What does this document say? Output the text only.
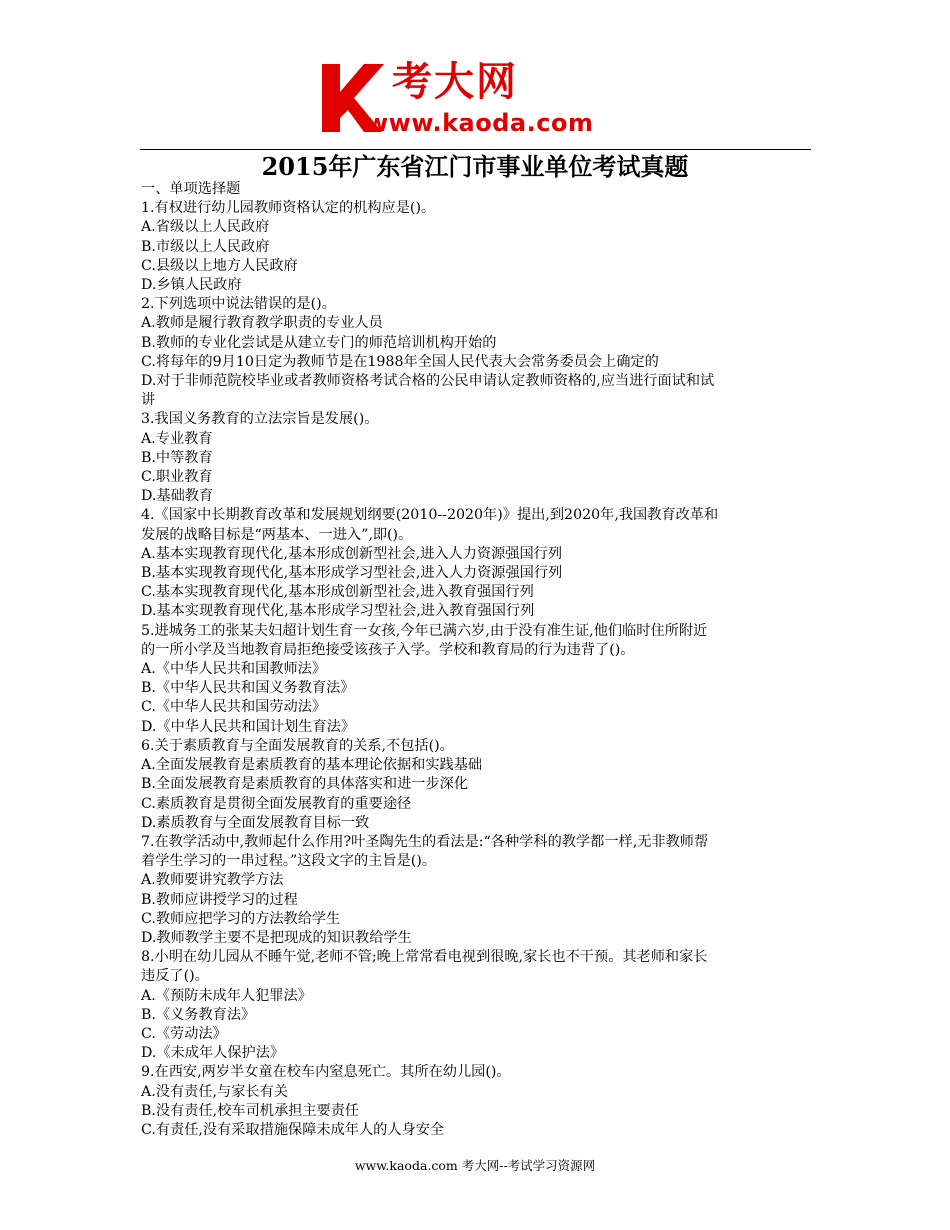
考大网
www.kaoda.com
2015年广东省江门市事业单位考试真题
一、单项选择题
1.有权进行幼儿园教师资格认定的机构应是()。
A.省级以上人民政府
B.市级以上人民政府
C.县级以上地方人民政府
D.乡镇人民政府
2.下列选项中说法错误的是()。
A.教师是履行教育教学职责的专业人员
B.教师的专业化尝试是从建立专门的师范培训机构开始的
C.将每年的9月10日定为教师节是在1988年全国人民代表大会常务委员会上确定的
D.对于非师范院校毕业或者教师资格考试合格的公民申请认定教师资格的,应当进行面试和试
讲
3.我国义务教育的立法宗旨是发展()。
A.专业教育
B.中等教育
C.职业教育
D.基础教育
4.《国家中长期教育改革和发展规划纲要(2010--2020年)》提出,到2020年,我国教育改革和
发展的战略目标是“两基本、一进入”,即()。
A.基本实现教育现代化,基本形成创新型社会,进入人力资源强国行列
B.基本实现教育现代化,基本形成学习型社会,进入人力资源强国行列
C.基本实现教育现代化,基本形成创新型社会,进入教育强国行列
D.基本实现教育现代化,基本形成学习型社会,进入教育强国行列
5.进城务工的张某夫妇超计划生育一女孩,今年已满六岁,由于没有准生证,他们临时住所附近
的一所小学及当地教育局拒绝接受该孩子入学。学校和教育局的行为违背了()。
A.《中华人民共和国教师法》
B.《中华人民共和国义务教育法》
C.《中华人民共和国劳动法》
D.《中华人民共和国计划生育法》
6.关于素质教育与全面发展教育的关系,不包括()。
A.全面发展教育是素质教育的基本理论依据和实践基础
B.全面发展教育是素质教育的具体落实和进一步深化
C.素质教育是贯彻全面发展教育的重要途径
D.素质教育与全面发展教育目标一致
7.在教学活动中,教师起什么作用?叶圣陶先生的看法是:“各种学科的教学都一样,无非教师帮
着学生学习的一串过程。”这段文字的主旨是()。
A.教师要讲究教学方法
B.教师应讲授学习的过程
C.教师应把学习的方法教给学生
D.教师教学主要不是把现成的知识教给学生
8.小明在幼儿园从不睡午觉,老师不管;晚上常常看电视到很晚,家长也不干预。其老师和家长
违反了()。
A.《预防未成年人犯罪法》
B.《义务教育法》
C.《劳动法》
D.《未成年人保护法》
9.在西安,两岁半女童在校车内窒息死亡。其所在幼儿园()。
A.没有责任,与家长有关
B.没有责任,校车司机承担主要责任
C.有责任,没有采取措施保障未成年人的人身安全
www.kaoda.com 考大网--考试学习资源网
